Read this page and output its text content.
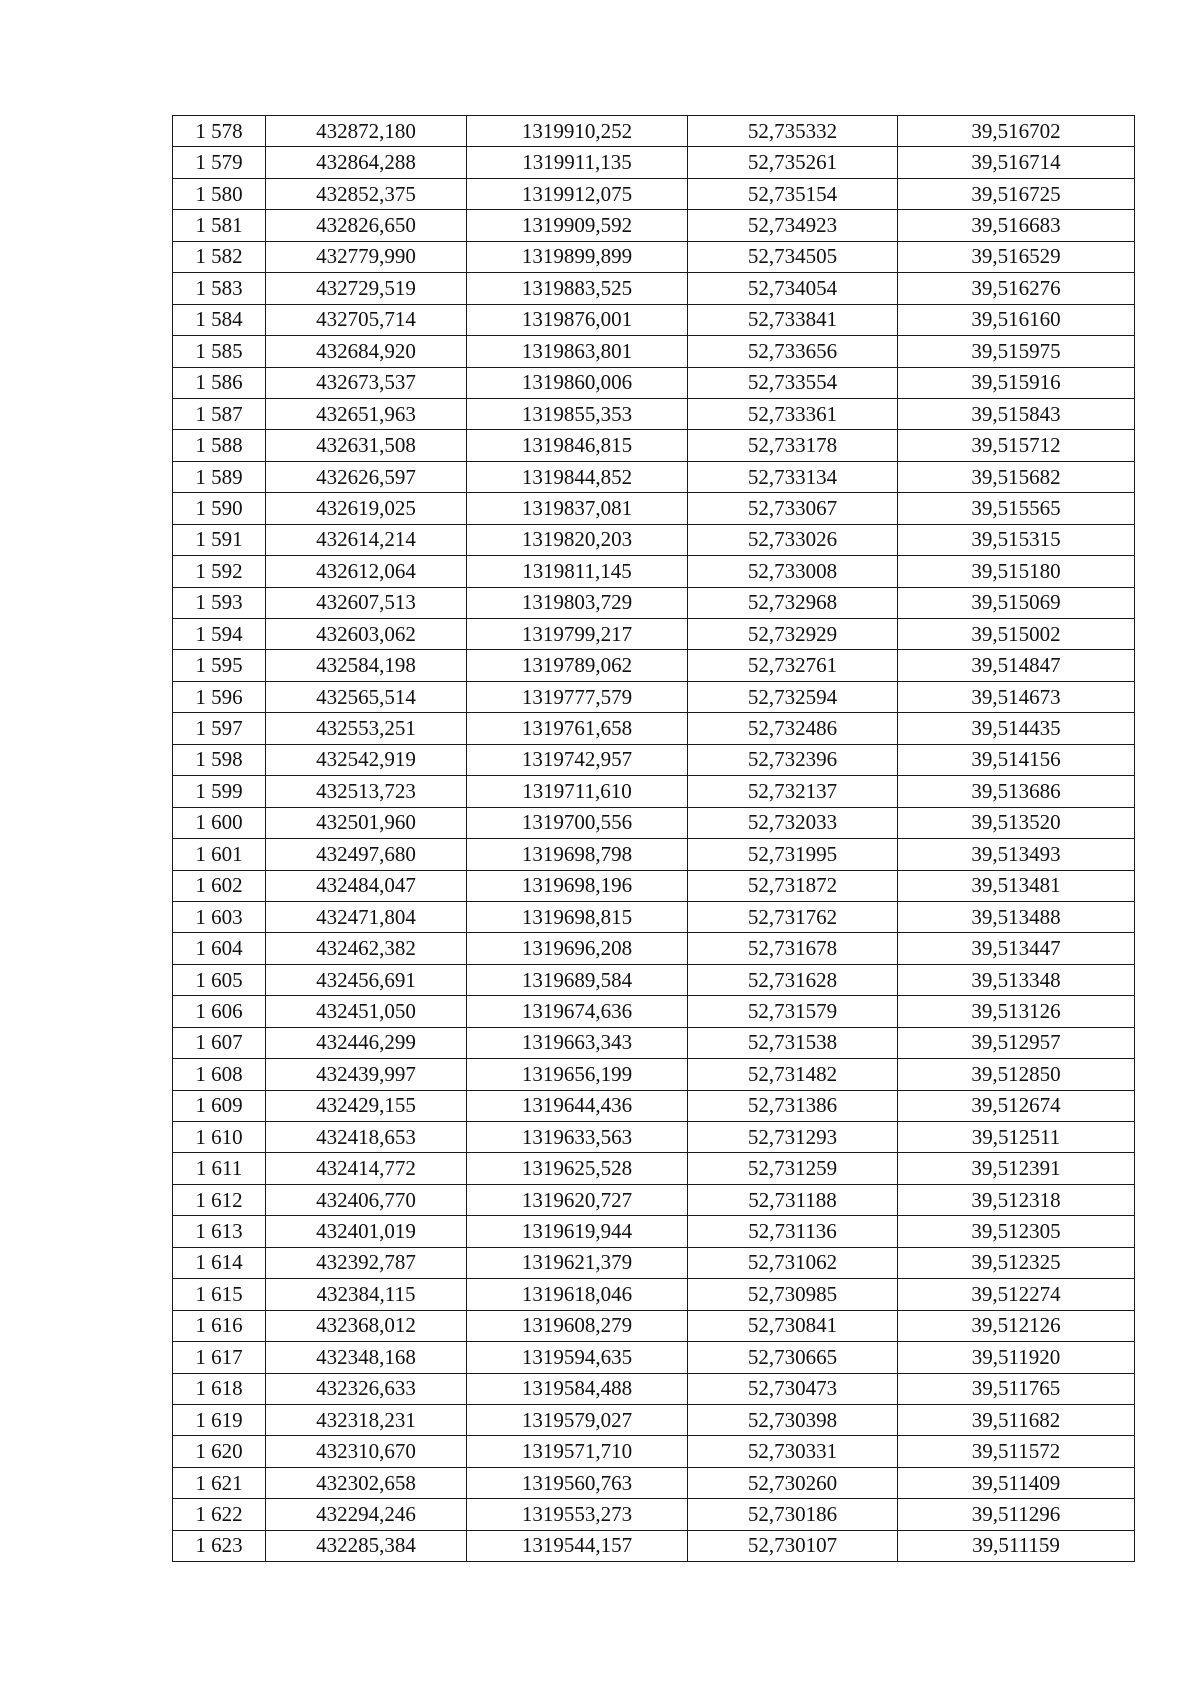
1 578	432872,180	1319910,252	52,735332	39,516702
1 579	432864,288	1319911,135	52,735261	39,516714
1 580	432852,375	1319912,075	52,735154	39,516725
1 581	432826,650	1319909,592	52,734923	39,516683
1 582	432779,990	1319899,899	52,734505	39,516529
1 583	432729,519	1319883,525	52,734054	39,516276
1 584	432705,714	1319876,001	52,733841	39,516160
1 585	432684,920	1319863,801	52,733656	39,515975
1 586	432673,537	1319860,006	52,733554	39,515916
1 587	432651,963	1319855,353	52,733361	39,515843
1 588	432631,508	1319846,815	52,733178	39,515712
1 589	432626,597	1319844,852	52,733134	39,515682
1 590	432619,025	1319837,081	52,733067	39,515565
1 591	432614,214	1319820,203	52,733026	39,515315
1 592	432612,064	1319811,145	52,733008	39,515180
1 593	432607,513	1319803,729	52,732968	39,515069
1 594	432603,062	1319799,217	52,732929	39,515002
1 595	432584,198	1319789,062	52,732761	39,514847
1 596	432565,514	1319777,579	52,732594	39,514673
1 597	432553,251	1319761,658	52,732486	39,514435
1 598	432542,919	1319742,957	52,732396	39,514156
1 599	432513,723	1319711,610	52,732137	39,513686
1 600	432501,960	1319700,556	52,732033	39,513520
1 601	432497,680	1319698,798	52,731995	39,513493
1 602	432484,047	1319698,196	52,731872	39,513481
1 603	432471,804	1319698,815	52,731762	39,513488
1 604	432462,382	1319696,208	52,731678	39,513447
1 605	432456,691	1319689,584	52,731628	39,513348
1 606	432451,050	1319674,636	52,731579	39,513126
1 607	432446,299	1319663,343	52,731538	39,512957
1 608	432439,997	1319656,199	52,731482	39,512850
1 609	432429,155	1319644,436	52,731386	39,512674
1 610	432418,653	1319633,563	52,731293	39,512511
1 611	432414,772	1319625,528	52,731259	39,512391
1 612	432406,770	1319620,727	52,731188	39,512318
1 613	432401,019	1319619,944	52,731136	39,512305
1 614	432392,787	1319621,379	52,731062	39,512325
1 615	432384,115	1319618,046	52,730985	39,512274
1 616	432368,012	1319608,279	52,730841	39,512126
1 617	432348,168	1319594,635	52,730665	39,511920
1 618	432326,633	1319584,488	52,730473	39,511765
1 619	432318,231	1319579,027	52,730398	39,511682
1 620	432310,670	1319571,710	52,730331	39,511572
1 621	432302,658	1319560,763	52,730260	39,511409
1 622	432294,246	1319553,273	52,730186	39,511296
1 623	432285,384	1319544,157	52,730107	39,511159
